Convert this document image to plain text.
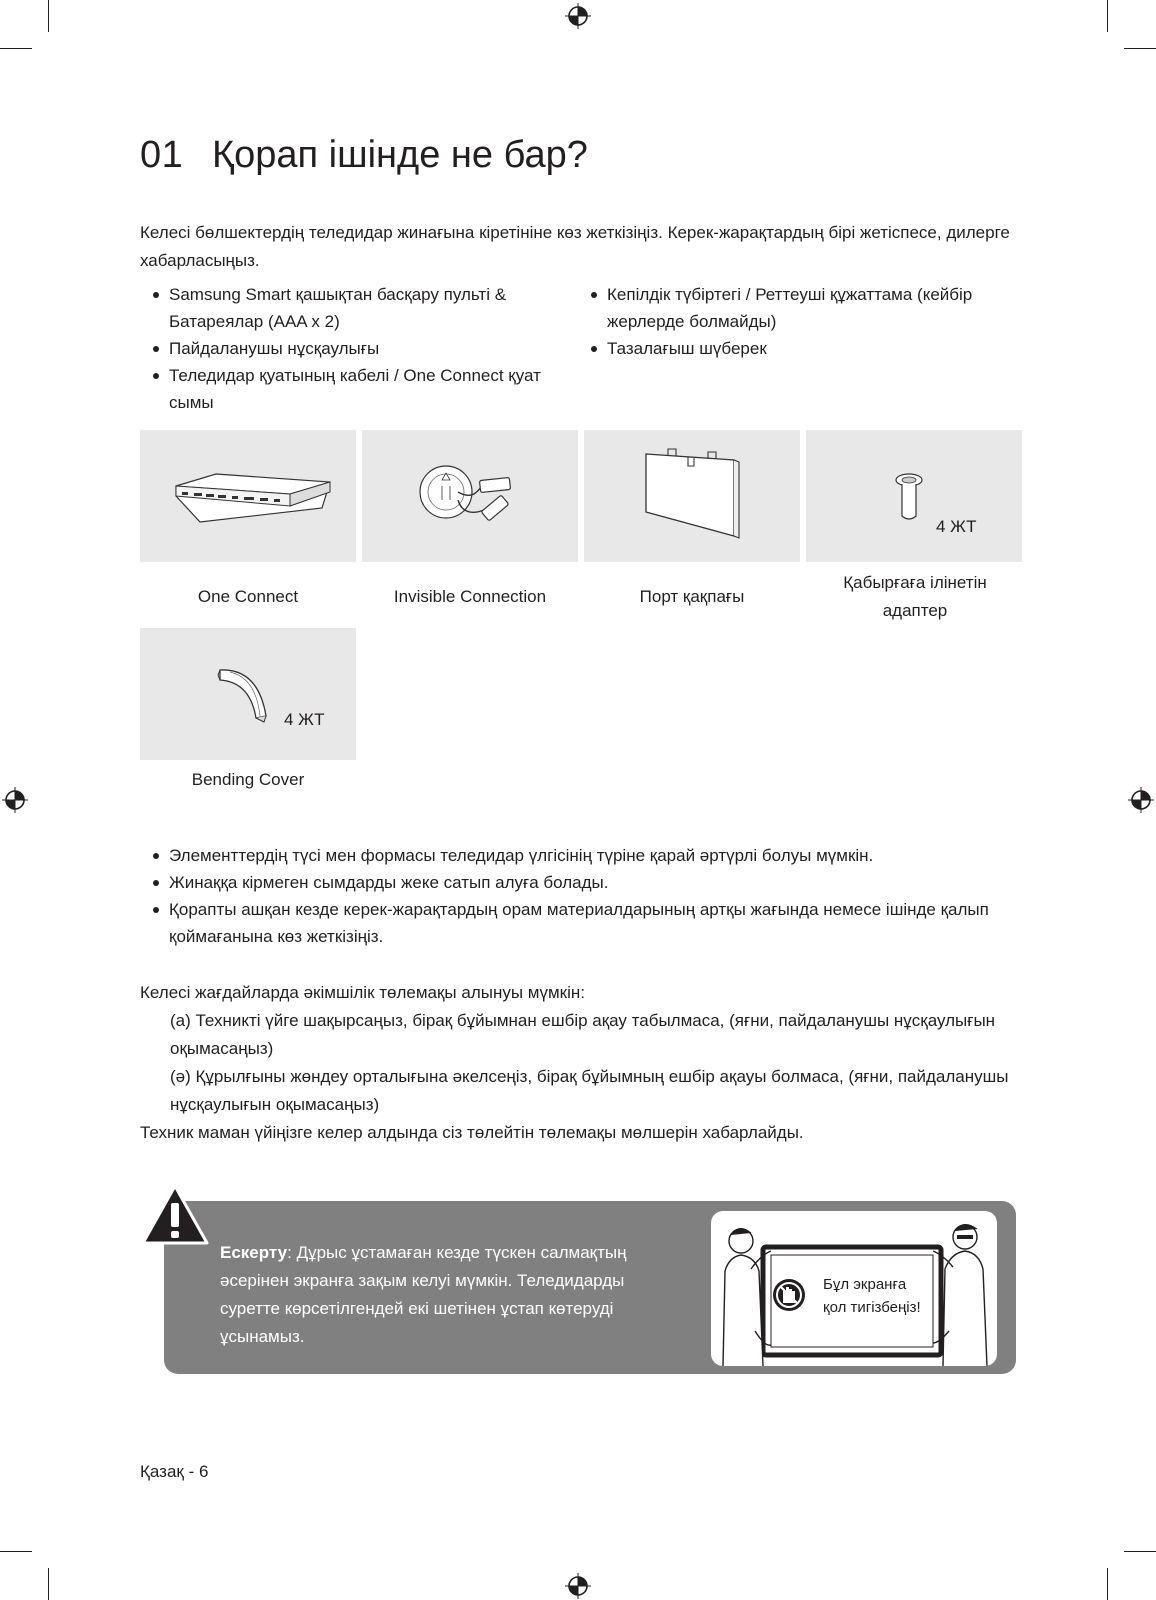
01 Қорап ішінде не бар?
Келесі бөлшектердің теледидар жинағына кіретініне көз жеткізіңіз. Керек-жарақтардың бірі жетіспесе, дилерге хабарласыңыз.
Samsung Smart қашықтан басқару пульті & Батареялар (AAA x 2)
Пайдаланушы нұсқаулығы
Теледидар қуатының кабелі / One Connect қуат сымы
Кепілдік түбіртегі / Реттеуші құжаттама (кейбір жерлерде болмайды)
Тазалағыш шүберек
4 ЖТ
One Connect	Invisible Connection	Порт қақпағы
Қабырғаға ілінетін адаптер
4 ЖТ
Bending Cover
Элементтердің түсі мен формасы теледидар үлгісінің түріне қарай әртүрлі болуы мүмкін.
Жинаққа кірмеген сымдарды жеке сатып алуға болады.
Қорапты ашқан кезде керек-жарақтардың орам материалдарының артқы жағында немесе ішінде қалып қоймағанына көз жеткізіңіз.
Келесі жағдайларда әкімшілік төлемақы алынуы мүмкін:
(а) Техникті үйге шақырсаңыз, бірақ бұйымнан ешбір ақау табылмаса, (яғни, пайдаланушы нұсқаулығын оқымасаңыз)
(ә) Құрылғыны жөндеу орталығына әкелсеңіз, бірақ бұйымның ешбір ақауы болмаса, (яғни, пайдаланушы нұсқаулығын оқымасаңыз)
Техник маман үйіңізге келер алдында сіз төлейтін төлемақы мөлшерін хабарлайды.
Ескерту: Дұрыс ұстамаған кезде түскен салмақтың әсерінен экранға зақым келуі мүмкін. Теледидарды суретте көрсетілгендей екі шетінен ұстап көтеруді ұсынамыз.
Бұл экранға
қол тигізбеңіз!
Қазақ - 6
